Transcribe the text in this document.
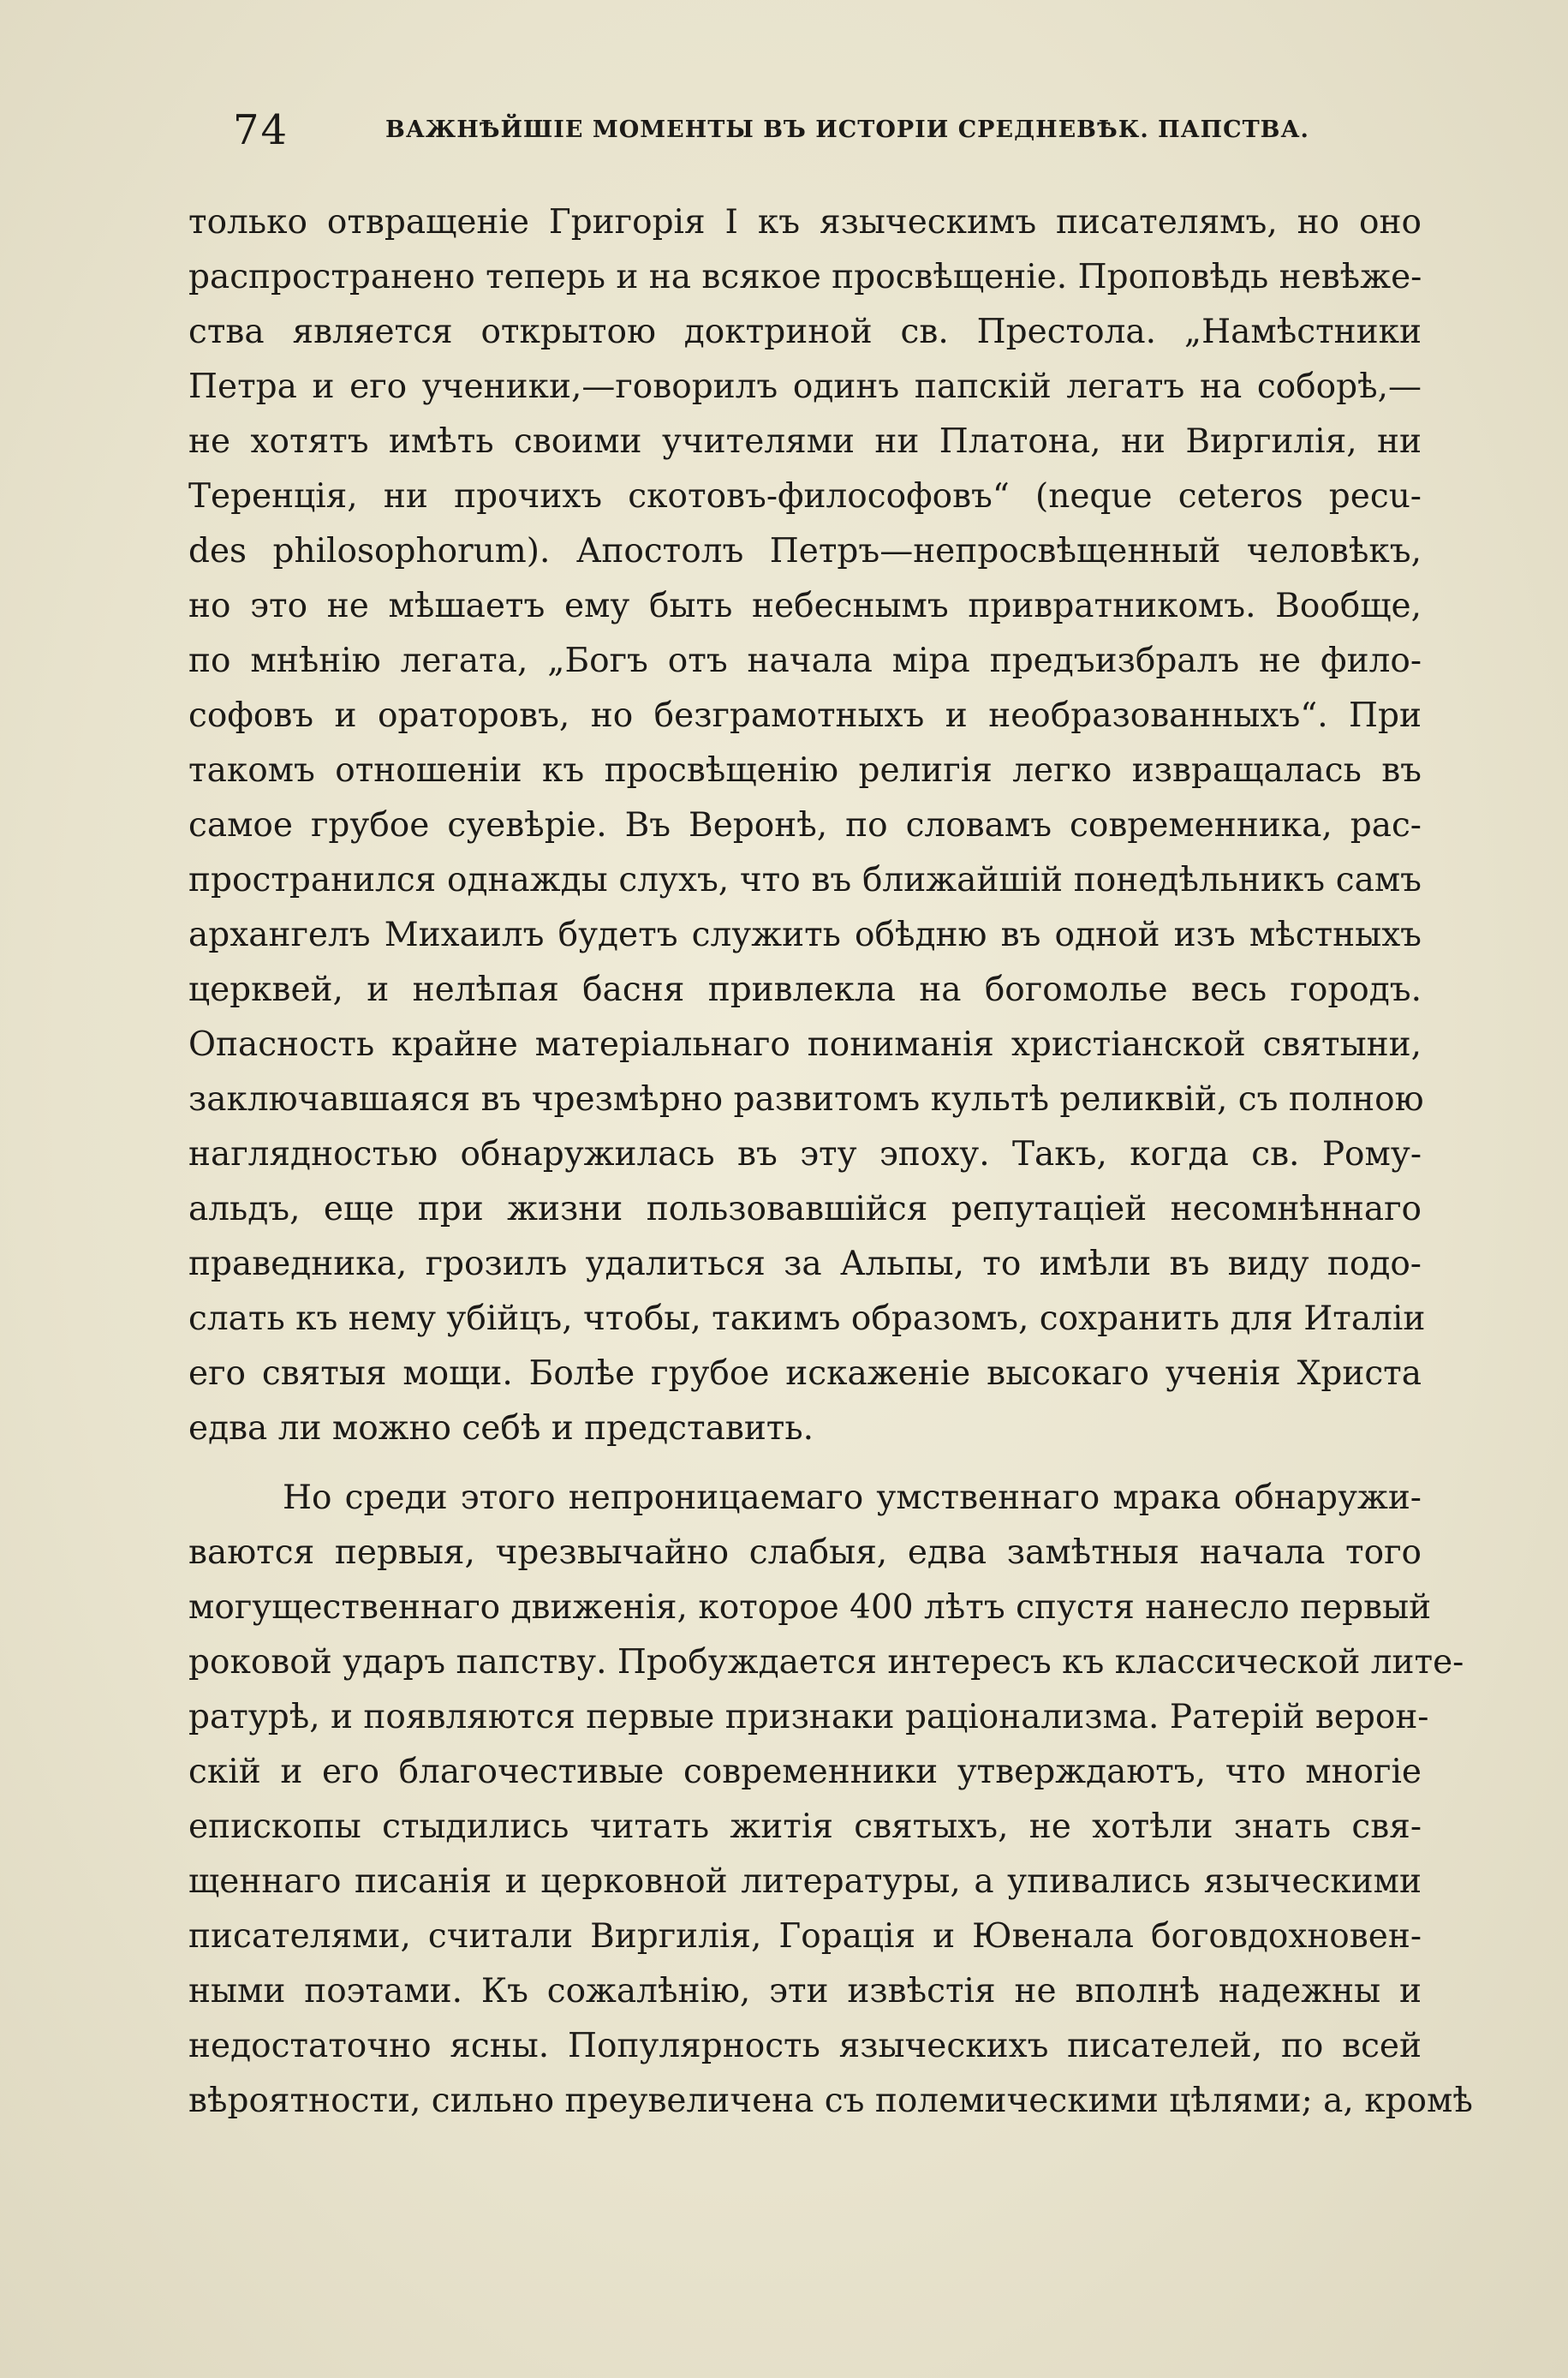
74	ВАЖНѢЙШІЕ МОМЕНТЫ ВЪ ИСТОРІИ СРЕДНЕВѢК. ПАПСТВА.
только отвращеніе Григорія I къ языческимъ писателямъ, но оно
распространено теперь и на всякое просвѣщеніе. Проповѣдь невѣже-
ства является открытою доктриной св. Престола. „Намѣстники
Петра и его ученики,—говорилъ одинъ папскій легатъ на соборѣ,—
не хотятъ имѣть своими учителями ни Платона, ни Виргилія, ни
Теренція, ни прочихъ скотовъ-философовъ“ (neque ceteros pecu-
des philosophorum). Апостолъ Петръ—непросвѣщенный человѣкъ,
но это не мѣшаетъ ему быть небеснымъ привратникомъ. Вообще,
по мнѣнію легата, „Богъ отъ начала міра предъизбралъ не фило-
софовъ и ораторовъ, но безграмотныхъ и необразованныхъ“. При
такомъ отношеніи къ просвѣщенію религія легко извращалась въ
самое грубое суевѣріе. Въ Веронѣ, по словамъ современника, рас-
пространился однажды слухъ, что въ ближайшій понедѣльникъ самъ
архангелъ Михаилъ будетъ служить обѣдню въ одной изъ мѣстныхъ
церквей, и нелѣпая басня привлекла на богомолье весь городъ.
Опасность крайне матеріальнаго пониманія христіанской святыни,
заключавшаяся въ чрезмѣрно развитомъ культѣ реликвій, съ полною
наглядностью обнаружилась въ эту эпоху. Такъ, когда св. Рому-
альдъ, еще при жизни пользовавшійся репутаціей несомнѣннаго
праведника, грозилъ удалиться за Альпы, то имѣли въ виду подо-
слать къ нему убійцъ, чтобы, такимъ образомъ, сохранить для Италіи
его святыя мощи. Болѣе грубое искаженіе высокаго ученія Христа
едва ли можно себѣ и представить.
Но среди этого непроницаемаго умственнаго мрака обнаружи-
ваются первыя, чрезвычайно слабыя, едва замѣтныя начала того
могущественнаго движенія, которое 400 лѣтъ спустя нанесло первый
роковой ударъ папству. Пробуждается интересъ къ классической лите-
ратурѣ, и появляются первые признаки раціонализма. Ратерій верон-
скій и его благочестивые современники утверждаютъ, что многіе
епископы стыдились читать житія святыхъ, не хотѣли знать свя-
щеннаго писанія и церковной литературы, а упивались языческими
писателями, считали Виргилія, Горація и Ювенала боговдохновен-
ными поэтами. Къ сожалѣнію, эти извѣстія не вполнѣ надежны и
недостаточно ясны. Популярность языческихъ писателей, по всей
вѣроятности, сильно преувеличена съ полемическими цѣлями; а, кромѣ
